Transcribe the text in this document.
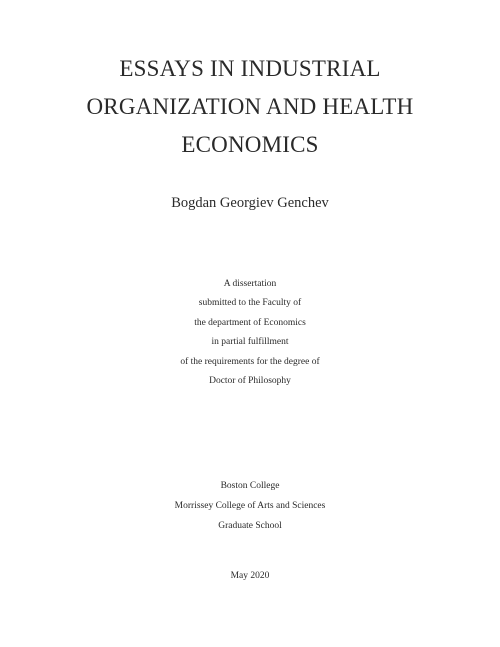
ESSAYS IN INDUSTRIAL
ORGANIZATION AND HEALTH
ECONOMICS
Bogdan Georgiev Genchev
A dissertation
submitted to the Faculty of
the department of Economics
in partial fulfillment
of the requirements for the degree of
Doctor of Philosophy
Boston College
Morrissey College of Arts and Sciences
Graduate School
May 2020
